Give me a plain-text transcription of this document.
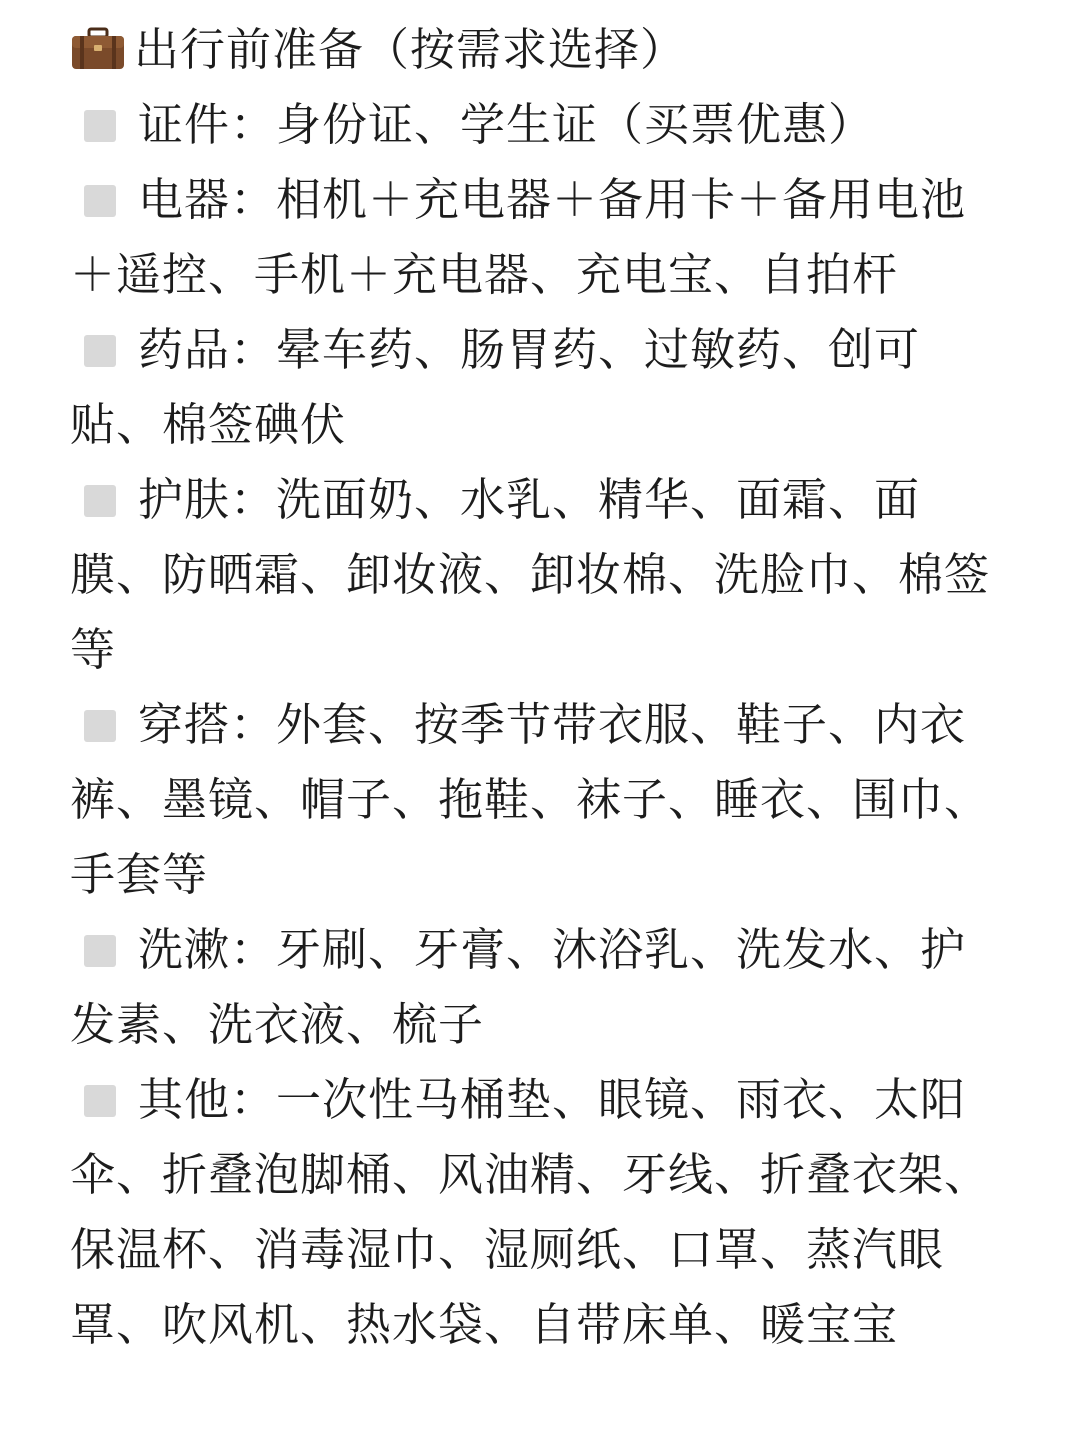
出行前准备（按需求选择）

证件：身份证、学生证（买票优惠）

电器：相机＋充电器＋备用卡＋备用电池＋遥控、手机＋充电器、充电宝、自拍杆

药品：晕车药、肠胃药、过敏药、创可贴、棉签碘伏

护肤：洗面奶、水乳、精华、面霜、面膜、防晒霜、卸妆液、卸妆棉、洗脸巾、棉签等

穿搭：外套、按季节带衣服、鞋子、内衣裤、墨镜、帽子、拖鞋、袜子、睡衣、围巾、手套等

洗漱：牙刷、牙膏、沐浴乳、洗发水、护发素、洗衣液、梳子

其他：一次性马桶垫、眼镜、雨衣、太阳伞、折叠泡脚桶、风油精、牙线、折叠衣架、保温杯、消毒湿巾、湿厕纸、口罩、蒸汽眼罩、吹风机、热水袋、自带床单、暖宝宝
